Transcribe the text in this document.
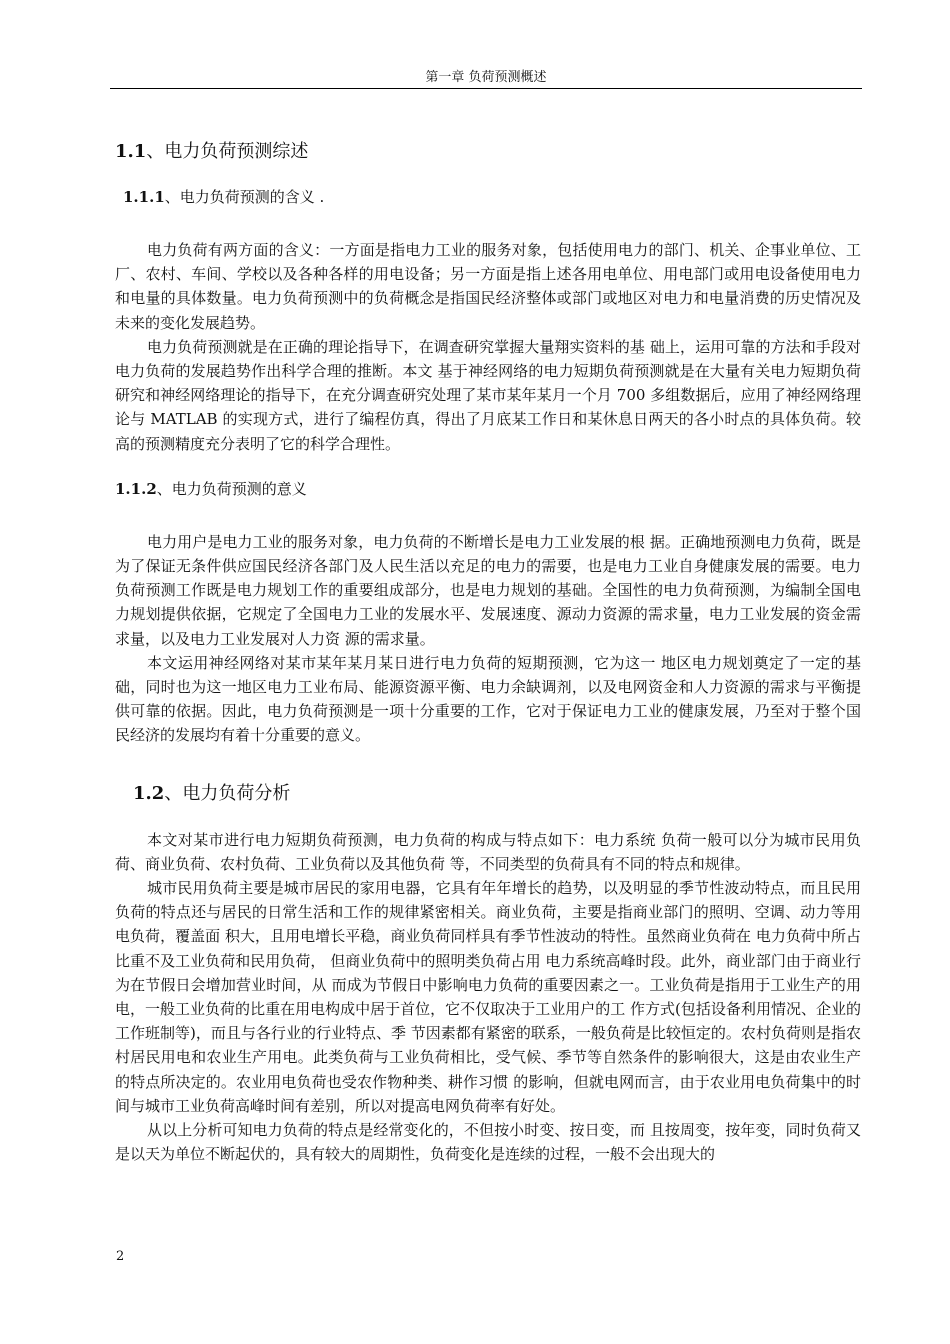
第一章 负荷预测概述
1.1、电力负荷预测综述
1.1.1、电力负荷预测的含义 .

电力负荷有两方面的含义：一方面是指电力工业的服务对象，包括使用电力的部门、机关、企事业单位、工厂、农村、车间、学校以及各种各样的用电设备；另一方面是指上述各用电单位、用电部门或用电设备使用电力和电量的具体数量。电力负荷预测中的负荷概念是指国民经济整体或部门或地区对电力和电量消费的历史情况及未来的变化发展趋势。

电力负荷预测就是在正确的理论指导下，在调查研究掌握大量翔实资料的基 础上，运用可靠的方法和手段对电力负荷的发展趋势作出科学合理的推断。本文 基于神经网络的电力短期负荷预测就是在大量有关电力短期负荷研究和神经网络理论的指导下，在充分调查研究处理了某市某年某月一个月 700 多组数据后，应用了神经网络理论与 MATLAB 的实现方式，进行了编程仿真，得出了月底某工作日和某休息日两天的各小时点的具体负荷。较高的预测精度充分表明了它的科学合理性。

1.1.2、电力负荷预测的意义

电力用户是电力工业的服务对象，电力负荷的不断增长是电力工业发展的根 据。正确地预测电力负荷，既是为了保证无条件供应国民经济各部门及人民生活以充足的电力的需要，也是电力工业自身健康发展的需要。电力负荷预测工作既是电力规划工作的重要组成部分，也是电力规划的基础。全国性的电力负荷预测，为编制全国电力规划提供依据，它规定了全国电力工业的发展水平、发展速度、源动力资源的需求量，电力工业发展的资金需求量，以及电力工业发展对人力资 源的需求量。

本文运用神经网络对某市某年某月某日进行电力负荷的短期预测，它为这一 地区电力规划奠定了一定的基础，同时也为这一地区电力工业布局、能源资源平衡、电力余缺调剂，以及电网资金和人力资源的需求与平衡提供可靠的依据。因此，电力负荷预测是一项十分重要的工作，它对于保证电力工业的健康发展，乃至对于整个国民经济的发展均有着十分重要的意义。

1.2、电力负荷分析

本文对某市进行电力短期负荷预测，电力负荷的构成与特点如下：电力系统 负荷一般可以分为城市民用负荷、商业负荷、农村负荷、工业负荷以及其他负荷 等，不同类型的负荷具有不同的特点和规律。

城市民用负荷主要是城市居民的家用电器，它具有年年增长的趋势，以及明显的季节性波动特点，而且民用负荷的特点还与居民的日常生活和工作的规律紧密相关。商业负荷，主要是指商业部门的照明、空调、动力等用电负荷，覆盖面 积大，且用电增长平稳，商业负荷同样具有季节性波动的特性。虽然商业负荷在 电力负荷中所占比重不及工业负荷和民用负荷， 但商业负荷中的照明类负荷占用 电力系统高峰时段。此外，商业部门由于商业行为在节假日会增加营业时间，从 而成为节假日中影响电力负荷的重要因素之一。工业负荷是指用于工业生产的用电，一般工业负荷的比重在用电构成中居于首位，它不仅取决于工业用户的工 作方式(包括设备利用情况、企业的工作班制等)，而且与各行业的行业特点、季 节因素都有紧密的联系，一般负荷是比较恒定的。农村负荷则是指农村居民用电和农业生产用电。此类负荷与工业负荷相比，受气候、季节等自然条件的影响很大，这是由农业生产的特点所决定的。农业用电负荷也受农作物种类、耕作习惯 的影响，但就电网而言，由于农业用电负荷集中的时间与城市工业负荷高峰时间有差别，所以对提高电网负荷率有好处。

从以上分析可知电力负荷的特点是经常变化的，不但按小时变、按日变，而 且按周变，按年变，同时负荷又是以天为单位不断起伏的，具有较大的周期性，负荷变化是连续的过程，一般不会出现大的

2
